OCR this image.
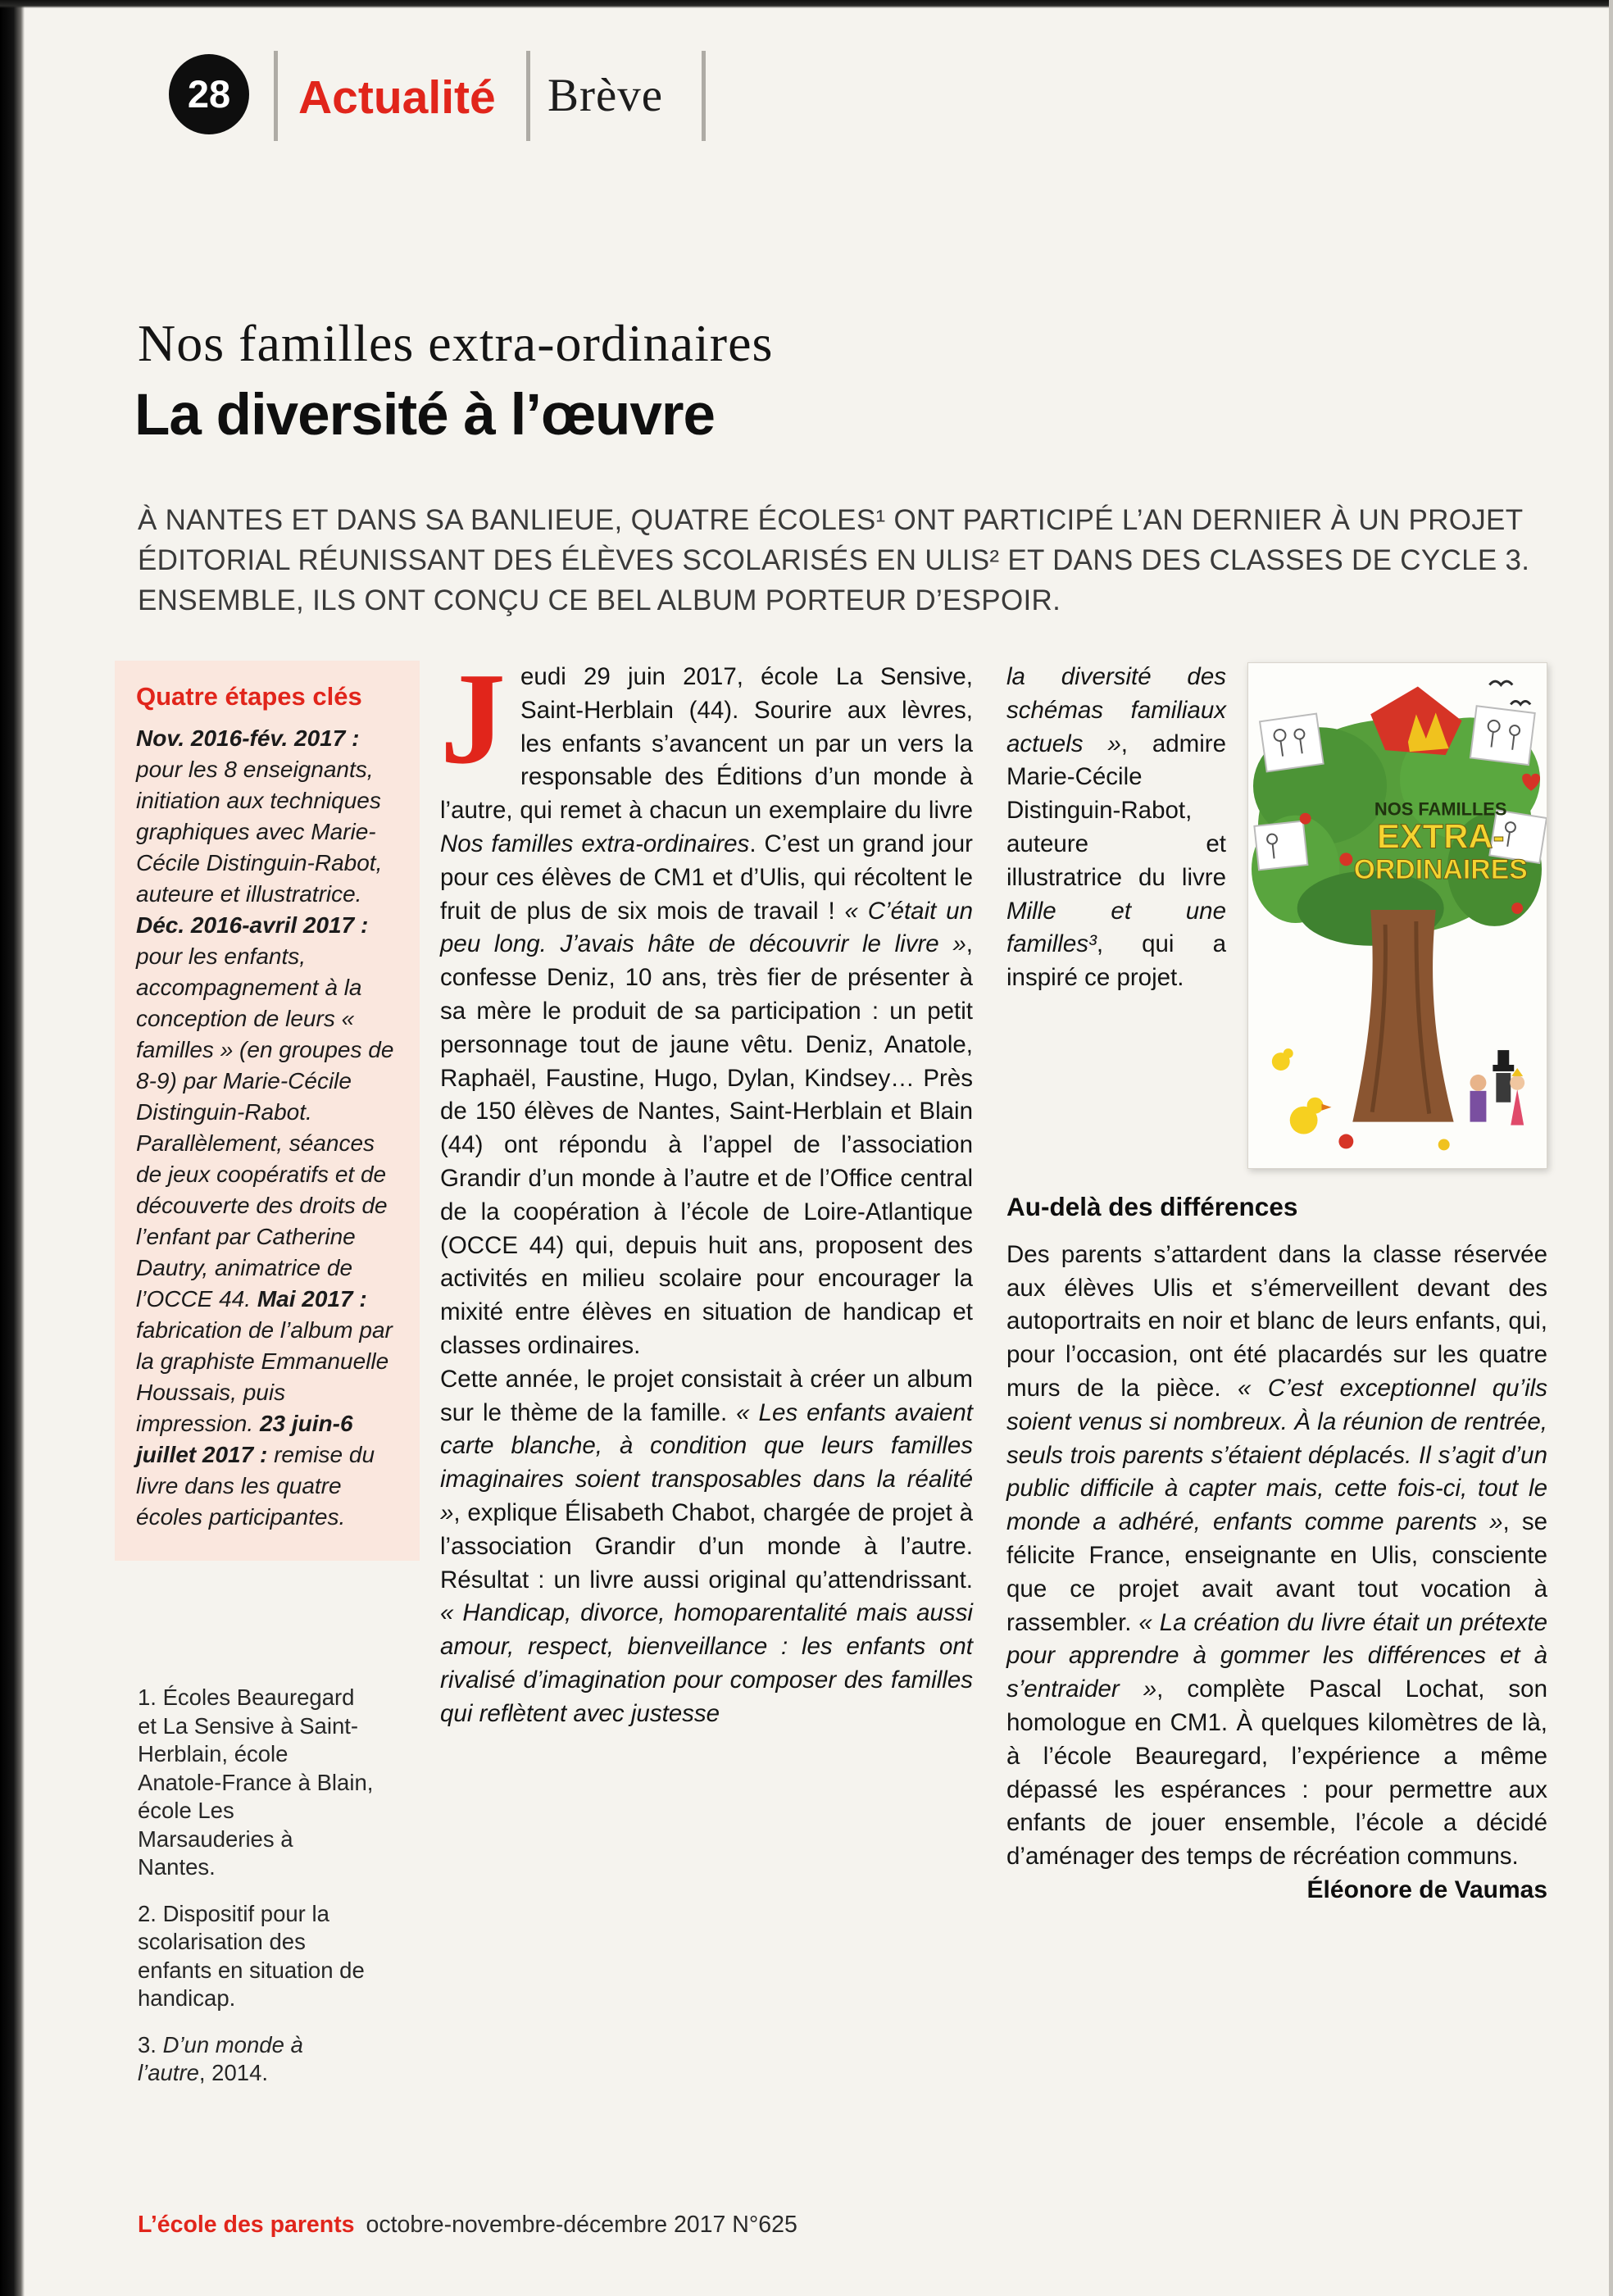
28	Actualité Brève
Nos familles extra-ordinaires
La diversité à l’œuvre
À NANTES ET DANS SA BANLIEUE, QUATRE ÉCOLES¹ ONT PARTICIPÉ L’AN DERNIER À UN PROJET ÉDITORIAL RÉUNISSANT DES ÉLÈVES SCOLARISÉS EN ULIS² ET DANS DES CLASSES DE CYCLE 3. ENSEMBLE, ILS ONT CONÇU CE BEL ALBUM PORTEUR D’ESPOIR.
Quatre étapes clés

Nov. 2016-fév. 2017 : pour les 8 enseignants, initiation aux techniques graphiques avec Marie-Cécile Distinguin-Rabot, auteure et illustratrice. Déc. 2016-avril 2017 : pour les enfants, accompagnement à la conception de leurs « familles » (en groupes de 8-9) par Marie-Cécile Distinguin-Rabot. Parallèlement, séances de jeux coopératifs et de découverte des droits de l’enfant par Catherine Dautry, animatrice de l’OCCE 44. Mai 2017 : fabrication de l’album par la graphiste Emmanuelle Houssais, puis impression. 23 juin-6 juillet 2017 : remise du livre dans les quatre écoles participantes.

1. Écoles Beauregard et La Sensive à Saint-Herblain, école Anatole-France à Blain, école Les Marsauderies à Nantes.

2. Dispositif pour la scolarisation des enfants en situation de handicap.

3. D’un monde à l’autre, 2014.

Jeudi 29 juin 2017, école La Sensive, Saint-Herblain (44). Sourire aux lèvres, les enfants s’avancent un par un vers la responsable des Éditions d’un monde à l’autre, qui remet à chacun un exemplaire du livre Nos familles extra-ordinaires. C’est un grand jour pour ces élèves de CM1 et d’Ulis, qui récoltent le fruit de plus de six mois de travail ! « C’était un peu long. J’avais hâte de découvrir le livre », confesse Deniz, 10 ans, très fier de présenter à sa mère le produit de sa participation : un petit personnage tout de jaune vêtu. Deniz, Anatole, Raphaël, Faustine, Hugo, Dylan, Kindsey… Près de 150 élèves de Nantes, Saint-Herblain et Blain (44) ont répondu à l’appel de l’association Grandir d’un monde à l’autre et de l’Office central de la coopération à l’école de Loire-Atlantique (OCCE 44) qui, depuis huit ans, proposent des activités en milieu scolaire pour encourager la mixité entre élèves en situation de handicap et classes ordinaires.

Cette année, le projet consistait à créer un album sur le thème de la famille. « Les enfants avaient carte blanche, à condition que leurs familles imaginaires soient transposables dans la réalité », explique Élisabeth Chabot, chargée de projet à l’association Grandir d’un monde à l’autre. Résultat : un livre aussi original qu’attendrissant. « Handicap, divorce, homoparentalité mais aussi amour, respect, bienveillance : les enfants ont rivalisé d’imagination pour composer des familles qui reflètent avec justesse

NOS FAMILLES
EXTRA-
ORDINAIRES

la diversité des schémas familiaux actuels », admire Marie-Cécile Distinguin-Rabot, auteure et illustratrice du livre Mille et une familles³, qui a inspiré ce projet.

Au-delà des différences

Des parents s’attardent dans la classe réservée aux élèves Ulis et s’émerveillent devant des autoportraits en noir et blanc de leurs enfants, qui, pour l’occasion, ont été placardés sur les quatre murs de la pièce. « C’est exceptionnel qu’ils soient venus si nombreux. À la réunion de rentrée, seuls trois parents s’étaient déplacés. Il s’agit d’un public difficile à capter mais, cette fois-ci, tout le monde a adhéré, enfants comme parents », se félicite France, enseignante en Ulis, consciente que ce projet avait avant tout vocation à rassembler. « La création du livre était un prétexte pour apprendre à gommer les différences et à s’entraider », complète Pascal Lochat, son homologue en CM1. À quelques kilomètres de là, à l’école Beauregard, l’expérience a même dépassé les espérances : pour permettre aux enfants de jouer ensemble, l’école a décidé d’aménager des temps de récréation communs.
Éléonore de Vaumas

L’école des parents octobre-novembre-décembre 2017 N°625
